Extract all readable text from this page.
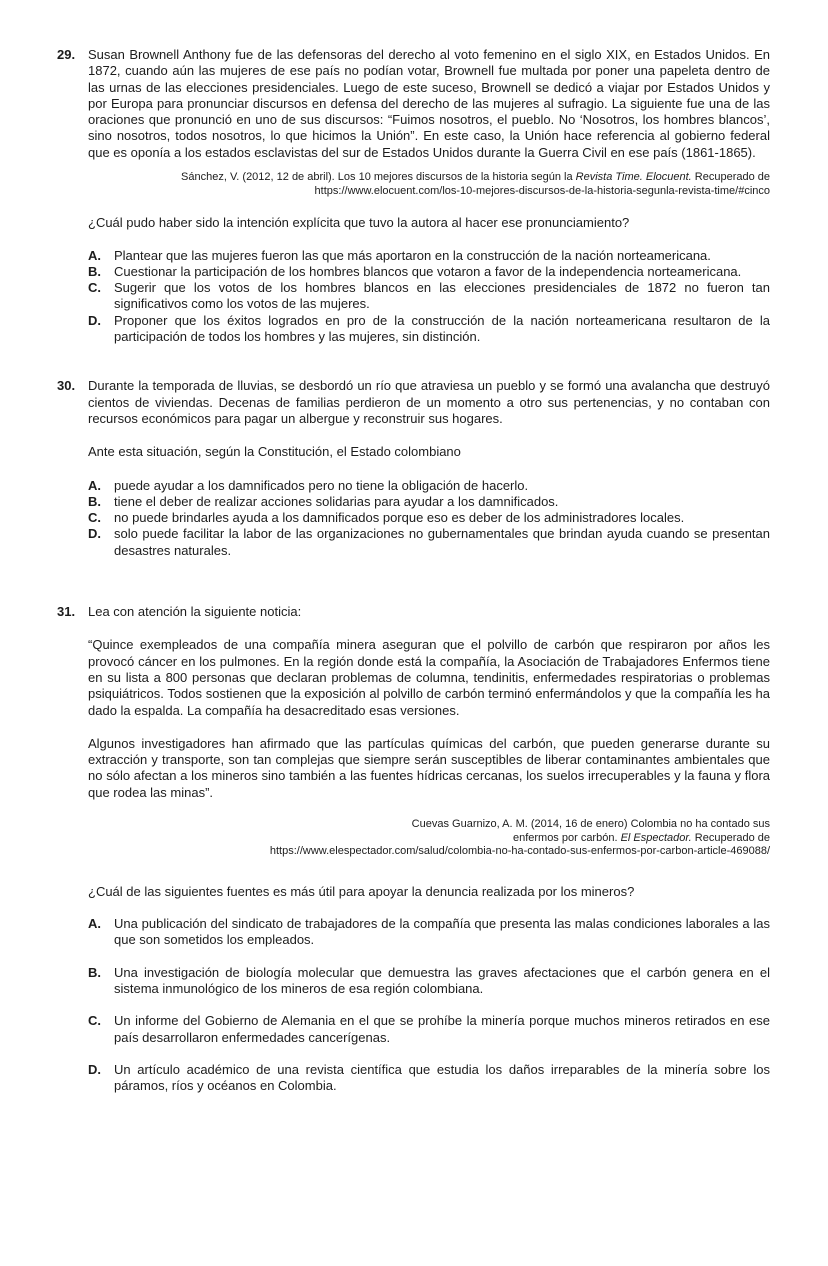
29. Susan Brownell Anthony fue de las defensoras del derecho al voto femenino en el siglo XIX, en Estados Unidos. En 1872, cuando aún las mujeres de ese país no podían votar, Brownell fue multada por poner una papeleta dentro de las urnas de las elecciones presidenciales. Luego de este suceso, Brownell se dedicó a viajar por Estados Unidos y por Europa para pronunciar discursos en defensa del derecho de las mujeres al sufragio. La siguiente fue una de las oraciones que pronunció en uno de sus discursos: “Fuimos nosotros, el pueblo. No ‘Nosotros, los hombres blancos’, sino nosotros, todos nosotros, lo que hicimos la Unión”. En este caso, la Unión hace referencia al gobierno federal que es oponía a los estados esclavistas del sur de Estados Unidos durante la Guerra Civil en ese país (1861-1865).

Sánchez, V. (2012, 12 de abril). Los 10 mejores discursos de la historia según la Revista Time. Elocuent. Recuperado de
https://www.elocuent.com/los-10-mejores-discursos-de-la-historia-segunla-revista-time/#cinco

¿Cuál pudo haber sido la intención explícita que tuvo la autora al hacer ese pronunciamiento?

A.	Plantear que las mujeres fueron las que más aportaron en la construcción de la nación norteamericana.
B.	Cuestionar la participación de los hombres blancos que votaron a favor de la independencia norteamericana.
C.	Sugerir que los votos de los hombres blancos en las elecciones presidenciales de 1872 no fueron tan significativos como los votos de las mujeres.
D.	Proponer que los éxitos logrados en pro de la construcción de la nación norteamericana resultaron de la participación de todos los hombres y las mujeres, sin distinción.
30. Durante la temporada de lluvias, se desbordó un río que atraviesa un pueblo y se formó una avalancha que destruyó cientos de viviendas. Decenas de familias perdieron de un momento a otro sus pertenencias, y no contaban con recursos económicos para pagar un albergue y reconstruir sus hogares.

Ante esta situación, según la Constitución, el Estado colombiano

A.	puede ayudar a los damnificados pero no tiene la obligación de hacerlo.
B.	tiene el deber de realizar acciones solidarias para ayudar a los damnificados.
C.	no puede brindarles ayuda a los damnificados porque eso es deber de los administradores locales.
D.	solo puede facilitar la labor de las organizaciones no gubernamentales que brindan ayuda cuando se presentan desastres naturales.
31. Lea con atención la siguiente noticia:

“Quince exempleados de una compañía minera aseguran que el polvillo de carbón que respiraron por años les provocó cáncer en los pulmones. En la región donde está la compañía, la Asociación de Trabajadores Enfermos tiene en su lista a 800 personas que declaran problemas de columna, tendinitis, enfermedades respiratorias o problemas psiquiátricos. Todos sostienen que la exposición al polvillo de carbón terminó enfermándolos y que la compañía les ha dado la espalda. La compañía ha desacreditado esas versiones.

Algunos investigadores han afirmado que las partículas químicas del carbón, que pueden generarse durante su extracción y transporte, son tan complejas que siempre serán susceptibles de liberar contaminantes ambientales que no sólo afectan a los mineros sino también a las fuentes hídricas cercanas, los suelos irrecuperables y la fauna y flora que rodea las minas”.

Cuevas Guarnizo, A. M. (2014, 16 de enero) Colombia no ha contado sus
enfermos por carbón. El Espectador. Recuperado de
https://www.elespectador.com/salud/colombia-no-ha-contado-sus-enfermos-por-carbon-article-469088/

¿Cuál de las siguientes fuentes es más útil para apoyar la denuncia realizada por los mineros?

A.	Una publicación del sindicato de trabajadores de la compañía que presenta las malas condiciones laborales a las que son sometidos los empleados.
B.	Una investigación de biología molecular que demuestra las graves afectaciones que el carbón genera en el sistema inmunológico de los mineros de esa región colombiana.
C.	Un informe del Gobierno de Alemania en el que se prohíbe la minería porque muchos mineros retirados en ese país desarrollaron enfermedades cancerígenas.
D.	Un artículo académico de una revista científica que estudia los daños irreparables de la minería sobre los páramos, ríos y océanos en Colombia.
